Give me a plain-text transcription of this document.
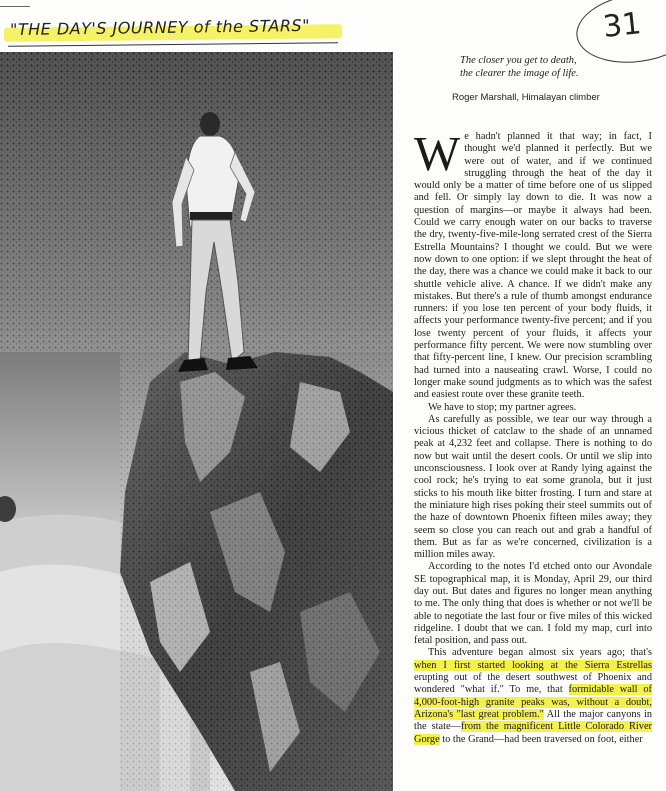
"THE DAY'S JOURNEY of the STARS"	31
The closer you get to death,
the clearer the image of life.
Roger Marshall, Himalayan climber

We hadn't planned it that way; in fact, I thought we'd planned it perfectly. But we were out of water, and if we continued struggling through the heat of the day it would only be a matter of time before one of us slipped and fell. Or simply lay down to die. It was now a question of margins—or maybe it always had been. Could we carry enough water on our backs to traverse the dry, twenty-five-mile-long serrated crest of the Sierra Estrella Mountains? I thought we could. But we were now down to one option: if we slept throught the heat of the day, there was a chance we could make it back to our shuttle vehicle alive. A chance. If we didn't make any mistakes. But there's a rule of thumb amongst endurance runners: if you lose ten percent of your body fluids, it affects your performance twenty-five percent; and if you lose twenty percent of your fluids, it affects your performance fifty percent. We were now stumbling over that fifty-percent line, I knew. Our precision scrambling had turned into a nauseating crawl. Worse, I could no longer make sound judgments as to which was the safest and easiest route over these granite teeth.

We have to stop; my partner agrees.

As carefully as possible, we tear our way through a vicious thicket of catclaw to the shade of an unnamed peak at 4,232 feet and collapse. There is nothing to do now but wait until the desert cools. Or until we slip into unconsciousness. I look over at Randy lying against the cool rock; he's trying to eat some granola, but it just sticks to his mouth like bitter frosting. I turn and stare at the miniature high rises poking their steel summits out of the haze of downtown Phoenix fifteen miles away; they seem so close you can reach out and grab a handful of them. But as far as we're concerned, civilization is a million miles away.

According to the notes I'd etched onto our Avondale SE topographical map, it is Monday, April 29, our third day out. But dates and figures no longer mean anything to me. The only thing that does is whether or not we'll be able to negotiate the last four or five miles of this wicked ridgeline. I doubt that we can. I fold my map, curl into fetal position, and pass out.

This adventure began almost six years ago; that's when I first started looking at the Sierra Estrellas erupting out of the desert southwest of Phoenix and wondered "what if." To me, that formidable wall of 4,000-foot-high granite peaks was, without a doubt, Arizona's "last great problem." All the major canyons in the state—from the magnificent Little Colorado River Gorge to the Grand—had been traversed on foot, either
